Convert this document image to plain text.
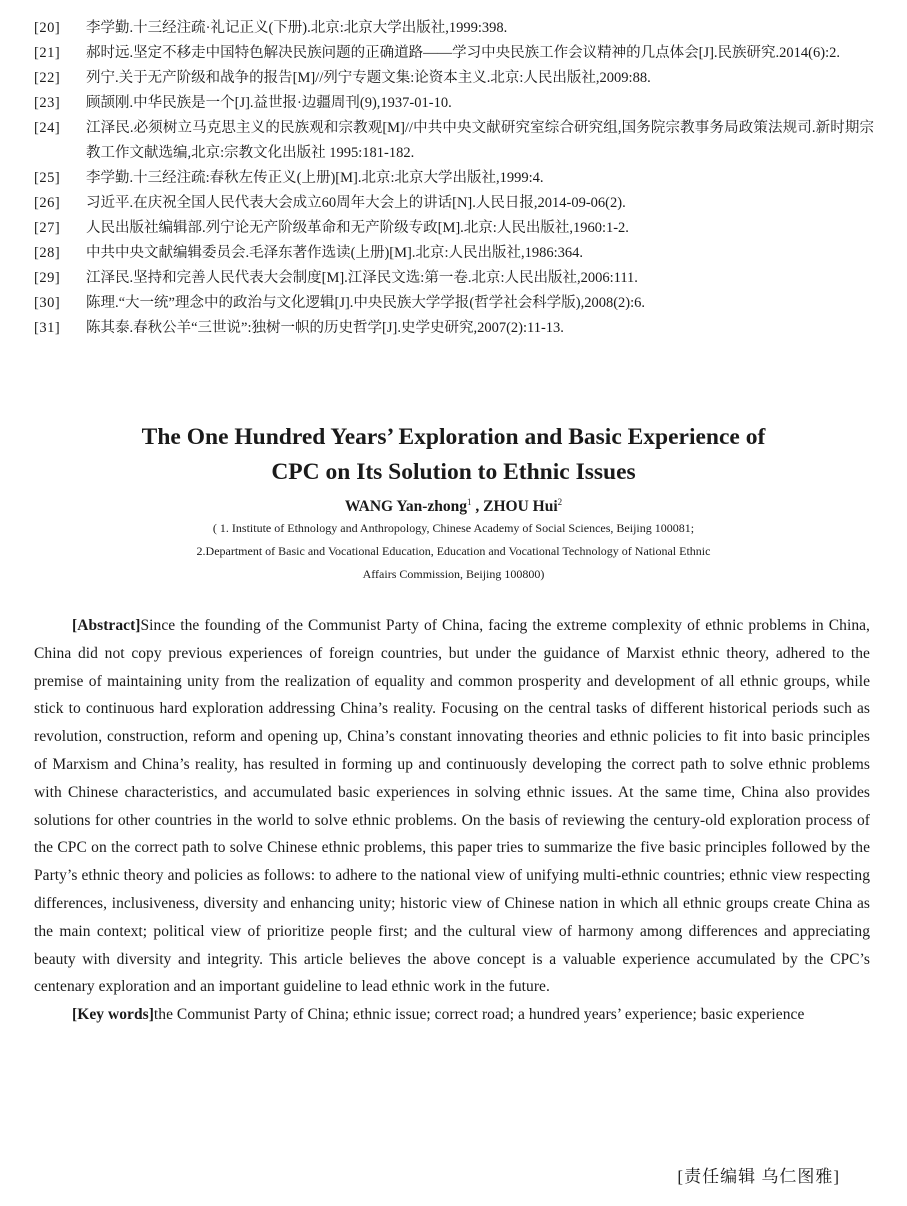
[20]	李学勤.十三经注疏·礼记正义(下册).北京:北京大学出版社,1999:398.
[21]	郝时远.坚定不移走中国特色解决民族问题的正确道路——学习中央民族工作会议精神的几点体会[J].民族研究.2014(6):2.
[22]	列宁.关于无产阶级和战争的报告[M]//列宁专题文集:论资本主义.北京:人民出版社,2009:88.
[23]	顾颉刚.中华民族是一个[J].益世报·边疆周刊(9),1937-01-10.
[24]	江泽民.必须树立马克思主义的民族观和宗教观[M]//中共中央文献研究室综合研究组,国务院宗教事务局政策法规司.新时期宗教工作文献选编,北京:宗教文化出版社 1995:181-182.
[25]	李学勤.十三经注疏:春秋左传正义(上册)[M].北京:北京大学出版社,1999:4.
[26]	习近平.在庆祝全国人民代表大会成立60周年大会上的讲话[N].人民日报,2014-09-06(2).
[27]	人民出版社编辑部.列宁论无产阶级革命和无产阶级专政[M].北京:人民出版社,1960:1-2.
[28]	中共中央文献编辑委员会.毛泽东著作选读(上册)[M].北京:人民出版社,1986:364.
[29]	江泽民.坚持和完善人民代表大会制度[M].江泽民文选:第一卷.北京:人民出版社,2006:111.
[30]	陈理.“大一统”理念中的政治与文化逻辑[J].中央民族大学学报(哲学社会科学版),2008(2):6.
[31]	陈其泰.春秋公羊“三世说”:独树一帜的历史哲学[J].史学史研究,2007(2):11-13.
The One Hundred Years’ Exploration and Basic Experience of
CPC on Its Solution to Ethnic Issues
WANG Yan-zhong$^1$ , ZHOU Hui$^2$
( 1. Institute of Ethnology and Anthropology, Chinese Academy of Social Sciences, Beijing 100081;
2.Department of Basic and Vocational Education, Education and Vocational Technology of National Ethnic
Affairs Commission, Beijing 100800)

[Abstract]Since the founding of the Communist Party of China, facing the extreme complexity of ethnic problems in China, China did not copy previous experiences of foreign countries, but under the guidance of Marxist ethnic theory, adhered to the premise of maintaining unity from the realization of equality and common prosperity and development of all ethnic groups, while stick to continuous hard exploration addressing China’s reality. Focusing on the central tasks of different historical periods such as revolution, construction, reform and opening up, China’s constant innovating theories and ethnic policies to fit into basic principles of Marxism and China’s reality, has resulted in forming up and continuously developing the correct path to solve ethnic problems with Chinese characteristics, and accumulated basic experiences in solving ethnic issues. At the same time, China also provides solutions for other countries in the world to solve ethnic problems. On the basis of reviewing the century-old exploration process of the CPC on the correct path to solve Chinese ethnic problems, this paper tries to summarize the five basic principles followed by the Party’s ethnic theory and policies as follows: to adhere to the national view of unifying multi-ethnic countries; ethnic view respecting differences, inclusiveness, diversity and enhancing unity; historic view of Chinese nation in which all ethnic groups create China as the main context; political view of prioritize people first; and the cultural view of harmony among differences and appreciating beauty with diversity and integrity. This article believes the above concept is a valuable experience accumulated by the CPC’s centenary exploration and an important guideline to lead ethnic work in the future.

[Key words]the Communist Party of China; ethnic issue; correct road; a hundred years’ experience; basic experience

[责任编辑 乌仁图雅]
